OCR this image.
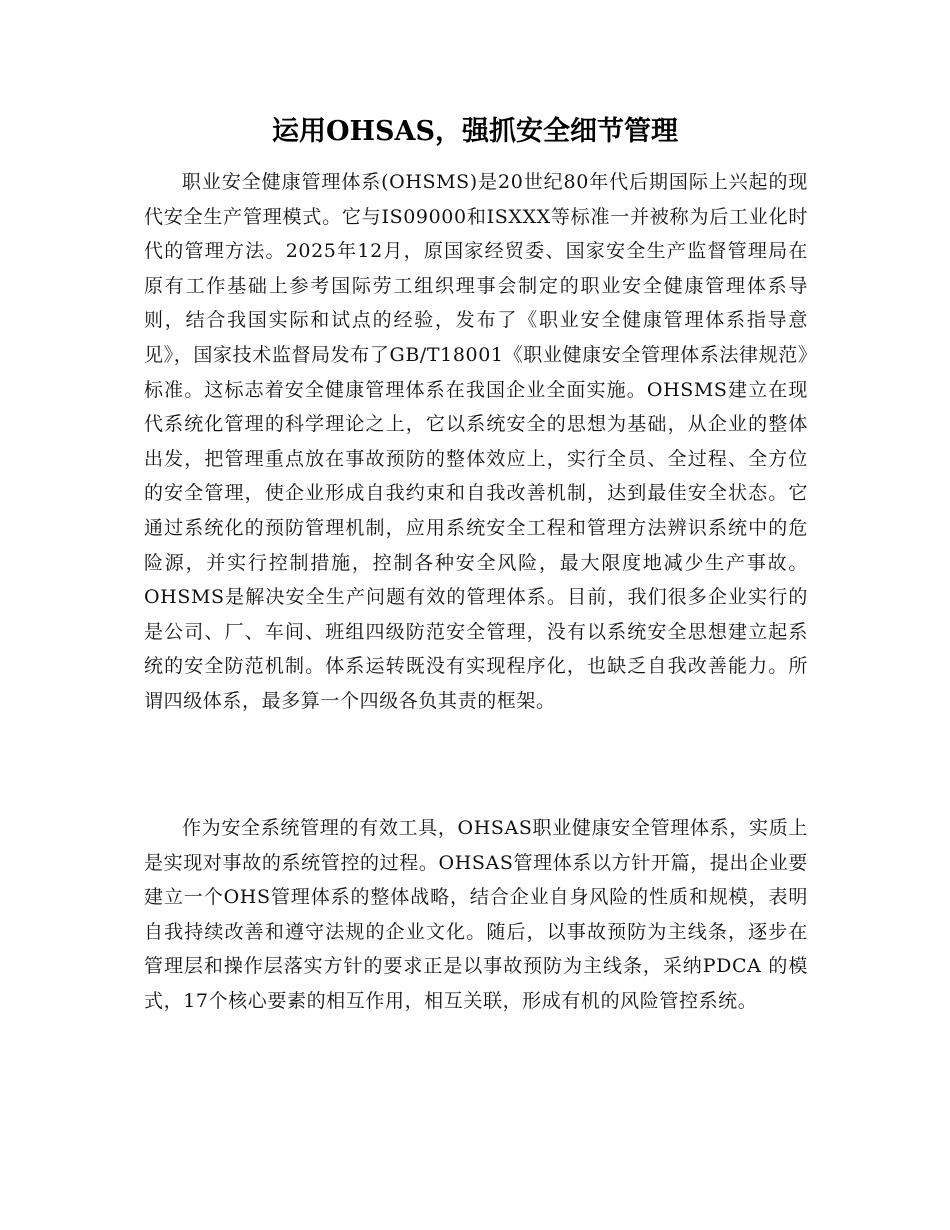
运用OHSAS，强抓安全细节管理

职业安全健康管理体系(OHSMS)是20世纪80年代后期国际上兴起的现代安全生产管理模式。它与IS09000和ISXXX等标准一并被称为后工业化时代的管理方法。2025年12月，原国家经贸委、国家安全生产监督管理局在原有工作基础上参考国际劳工组织理事会制定的职业安全健康管理体系导则，结合我国实际和试点的经验，发布了《职业安全健康管理体系指导意见》，国家技术监督局发布了GB/T18001《职业健康安全管理体系法律规范》标准。这标志着安全健康管理体系在我国企业全面实施。OHSMS建立在现代系统化管理的科学理论之上，它以系统安全的思想为基础，从企业的整体出发，把管理重点放在事故预防的整体效应上，实行全员、全过程、全方位的安全管理，使企业形成自我约束和自我改善机制，达到最佳安全状态。它通过系统化的预防管理机制，应用系统安全工程和管理方法辨识系统中的危险源，并实行控制措施，控制各种安全风险，最大限度地减少生产事故。OHSMS是解决安全生产问题有效的管理体系。目前，我们很多企业实行的是公司、厂、车间、班组四级防范安全管理，没有以系统安全思想建立起系统的安全防范机制。体系运转既没有实现程序化，也缺乏自我改善能力。所谓四级体系，最多算一个四级各负其责的框架。

作为安全系统管理的有效工具，OHSAS职业健康安全管理体系，实质上是实现对事故的系统管控的过程。OHSAS管理体系以方针开篇，提出企业要建立一个OHS管理体系的整体战略，结合企业自身风险的性质和规模，表明自我持续改善和遵守法规的企业文化。随后，以事故预防为主线条，逐步在管理层和操作层落实方针的要求正是以事故预防为主线条，采纳PDCA 的模式，17个核心要素的相互作用，相互关联，形成有机的风险管控系统。
